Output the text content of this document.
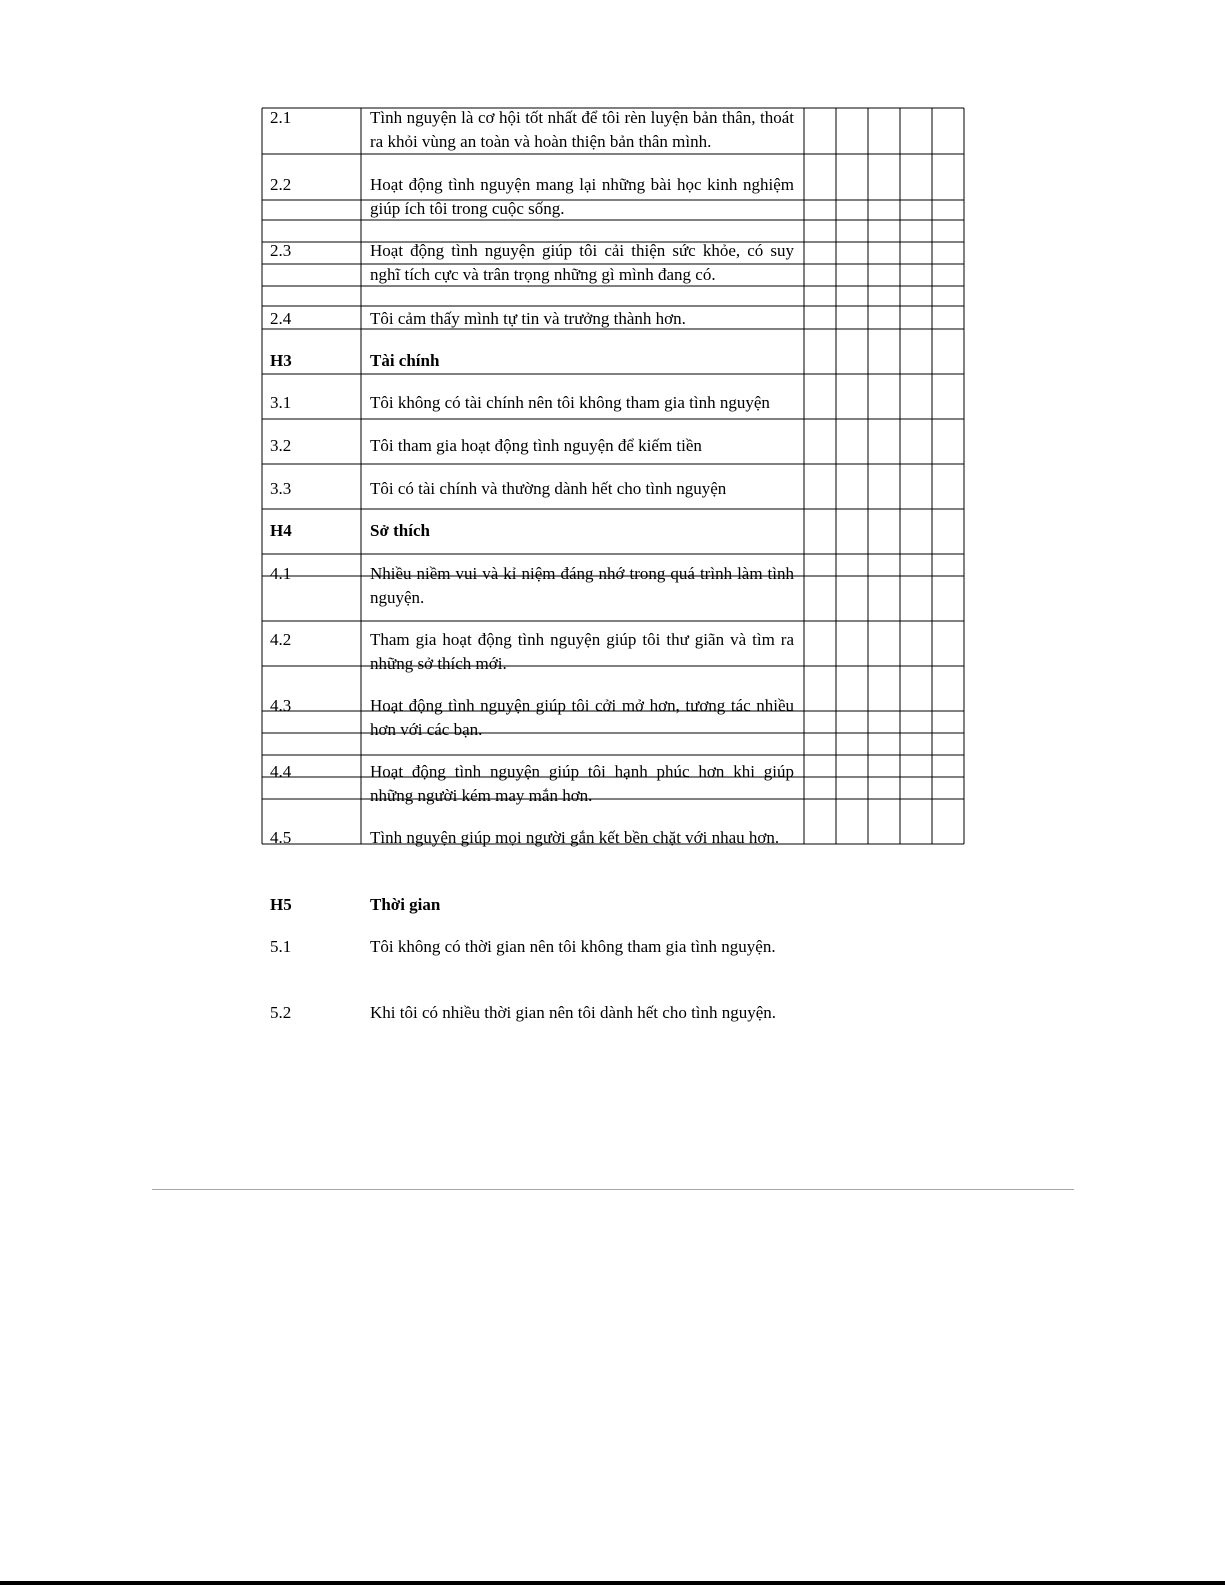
2.1	Tình nguyện là cơ hội tốt nhất để tôi rèn luyện bản thân, thoát ra khỏi vùng an toàn và hoàn thiện bản thân mình.
2.2	Hoạt động tình nguyện mang lại những bài học kinh nghiệm giúp ích tôi trong cuộc sống.
2.3	Hoạt động tình nguyện giúp tôi cải thiện sức khỏe, có suy nghĩ tích cực và trân trọng những gì mình đang có.
2.4	Tôi cảm thấy mình tự tin và trưởng thành hơn.
H3	Tài chính
3.1	Tôi không có tài chính nên tôi không tham gia tình nguyện
3.2	Tôi tham gia hoạt động tình nguyện để kiếm tiền
3.3	Tôi có tài chính và thường dành hết cho tình nguyện
H4	Sở thích
4.1	Nhiều niềm vui và kỉ niệm đáng nhớ trong quá trình làm tình nguyện.
4.2	Tham gia hoạt động tình nguyện giúp tôi thư giãn và tìm ra những sở thích mới.
4.3	Hoạt động tình nguyện giúp tôi cởi mở hơn, tương tác nhiều hơn với các bạn.
4.4	Hoạt động tình nguyện giúp tôi hạnh phúc hơn khi giúp những người kém may mắn hơn.
4.5	Tình nguyện giúp mọi người gắn kết bền chặt với nhau hơn.
H5	Thời gian
5.1	Tôi không có thời gian nên tôi không tham gia tình nguyện.
5.2	Khi tôi có nhiều thời gian nên tôi dành hết cho tình nguyện.
